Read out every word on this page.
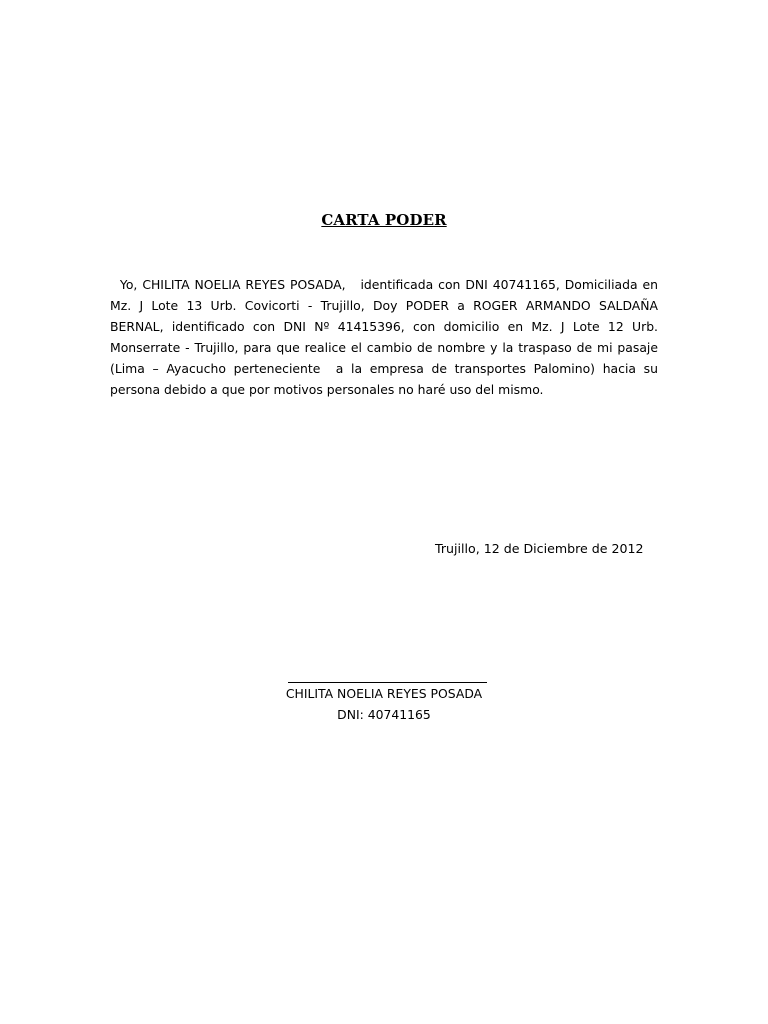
CARTA PODER

Yo, CHILITA NOELIA REYES POSADA,   identificada con DNI 40741165, Domiciliada en Mz. J Lote 13 Urb. Covicorti - Trujillo, Doy PODER a ROGER ARMANDO SALDAÑA BERNAL, identificado con DNI Nº 41415396, con domicilio en Mz. J Lote 12 Urb. Monserrate - Trujillo, para que realice el cambio de nombre y la traspaso de mi pasaje (Lima – Ayacucho perteneciente  a la empresa de transportes Palomino) hacia su persona debido a que por motivos personales no haré uso del mismo.

Trujillo, 12 de Diciembre de 2012
CHILITA NOELIA REYES POSADA
DNI: 40741165
